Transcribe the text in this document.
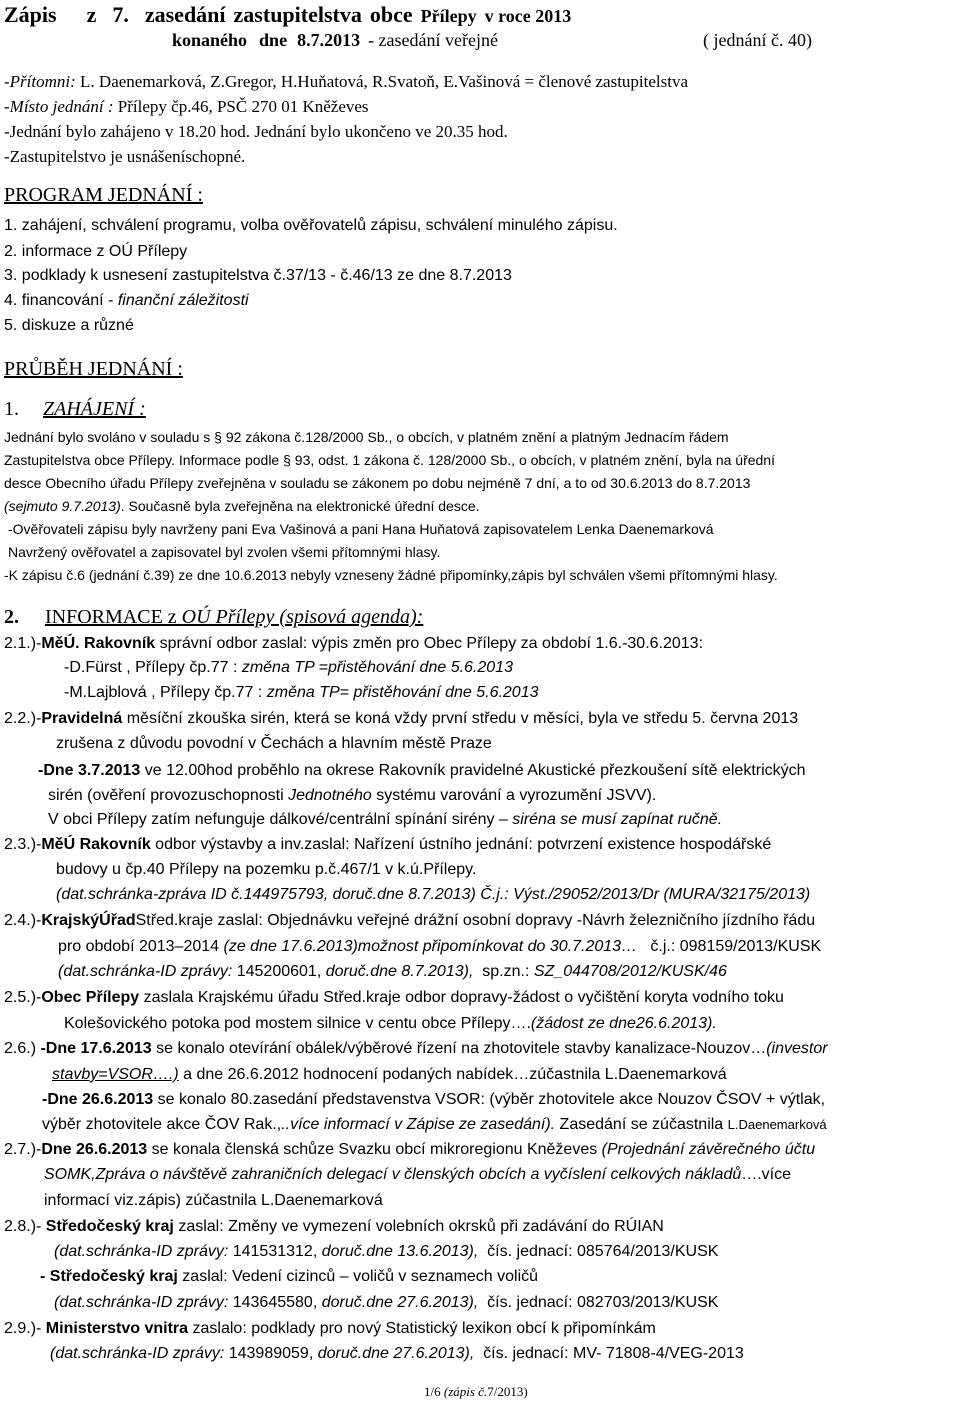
Zápis z 7. zasedání zastupitelstva obce Přílepy v roce 2013
konaného dne 8.7.2013 - zasedání veřejné	( jednání č. 40)
-Přítomni: L. Daenemarková, Z.Gregor, H.Huňatová, R.Svatoň, E.Vašinová = členové zastupitelstva
-Místo jednání : Přílepy čp.46, PSČ 270 01 Kněževes
-Jednání bylo zahájeno v 18.20 hod. Jednání bylo ukončeno ve 20.35 hod.
-Zastupitelstvo je usnášeníschopné.
PROGRAM JEDNÁNÍ :
1. zahájení, schválení programu, volba ověřovatelů zápisu, schválení minulého zápisu.
2. informace z OÚ Přílepy
3. podklady k usnesení zastupitelstva č.37/13 - č.46/13 ze dne 8.7.2013
4. financování - finanční záležitosti
5. diskuze a různé
PRŮBĚH JEDNÁNÍ :
1. ZAHÁJENÍ :
Jednání bylo svoláno v souladu s § 92 zákona č.128/2000 Sb., o obcích, v platném znění a platným Jednacím řádem
Zastupitelstva obce Přílepy. Informace podle § 93, odst. 1 zákona č. 128/2000 Sb., o obcích, v platném znění, byla na úřední
desce Obecního úřadu Přílepy zveřejněna v souladu se zákonem po dobu nejméně 7 dní, a to od 30.6.2013 do 8.7.2013
(sejmuto 9.7.2013). Současně byla zveřejněna na elektronické úřední desce.
-Ověřovateli zápisu byly navrženy pani Eva Vašinová a pani Hana Huňatová zapisovatelem Lenka Daenemarková
Navržený ověřovatel a zapisovatel byl zvolen všemi přítomnými hlasy.
-K zápisu č.6 (jednání č.39) ze dne 10.6.2013 nebyly vzneseny žádné připomínky,zápis byl schválen všemi přítomnými hlasy.
2. INFORMACE z OÚ Přílepy (spisová agenda):
2.1.)-MěÚ. Rakovník správní odbor zaslal: výpis změn pro Obec Přílepy za období 1.6.-30.6.2013:
-D.Fürst , Přílepy čp.77 : změna TP =přistěhování dne 5.6.2013
-M.Lajblová , Přílepy čp.77 : změna TP= přistěhování dne 5.6.2013
2.2.)-Pravidelná měsíční zkouška sirén, která se koná vždy první středu v měsíci, byla ve středu 5. června 2013
zrušena z důvodu povodní v Čechách a hlavním městě Praze
-Dne 3.7.2013 ve 12.00hod proběhlo na okrese Rakovník pravidelné Akustické přezkoušení sítě elektrických
sirén (ověření provozuschopnosti Jednotného systému varování a vyrozumění JSVV).
V obci Přílepy zatím nefunguje dálkové/centrální spínání sirény – siréna se musí zapínat ručně.
2.3.)-MěÚ Rakovník odbor výstavby a inv.zaslal: Nařízení ústního jednání: potvrzení existence hospodářské
budovy u čp.40 Přílepy na pozemku p.č.467/1 v k.ú.Přílepy.
(dat.schránka-zpráva ID č.144975793, doruč.dne 8.7.2013) Č.j.: Výst./29052/2013/Dr (MURA/32175/2013)
2.4.)-KrajskýÚřadStřed.kraje zaslal: Objednávku veřejné drážní osobní dopravy -Návrh železničního jízdního řádu
pro období 2013–2014 (ze dne 17.6.2013)možnost připomínkovat do 30.7.2013…   č.j.: 098159/2013/KUSK
(dat.schránka-ID zprávy: 145200601, doruč.dne 8.7.2013),  sp.zn.: SZ_044708/2012/KUSK/46
2.5.)-Obec Přílepy zaslala Krajskému úřadu Střed.kraje odbor dopravy-žádost o vyčištění koryta vodního toku
Kolešovického potoka pod mostem silnice v centu obce Přílepy….(žádost ze dne26.6.2013).
2.6.) -Dne 17.6.2013 se konalo otevírání obálek/výběrové řízení na zhotovitele stavby kanalizace-Nouzov…(investor
stavby=VSOR….) a dne 26.6.2012 hodnocení podaných nabídek…zúčastnila L.Daenemarková
-Dne 26.6.2013 se konalo 80.zasedání představenstva VSOR: (výběr zhotovitele akce Nouzov ČSOV + výtlak,
výběr zhotovitele akce ČOV Rak.,..více informací v Zápise ze zasedání). Zasedání se zúčastnila L.Daenemarková
2.7.)-Dne 26.6.2013 se konala členská schůze Svazku obcí mikroregionu Kněževes (Projednání závěrečného účtu
SOMK,Zpráva o návštěvě zahraničních delegací v členských obcích a vyčíslení celkových nákladů….více
informací viz.zápis) zúčastnila L.Daenemarková
2.8.)- Středočeský kraj zaslal: Změny ve vymezení volebních okrsků při zadávání do RÚIAN
(dat.schránka-ID zprávy: 141531312, doruč.dne 13.6.2013),  čís. jednací: 085764/2013/KUSK
- Středočeský kraj zaslal: Vedení cizinců – voličů v seznamech voličů
(dat.schránka-ID zprávy: 143645580, doruč.dne 27.6.2013),  čís. jednací: 082703/2013/KUSK
2.9.)- Ministerstvo vnitra zaslalo: podklady pro nový Statistický lexikon obcí k připomínkám
(dat.schránka-ID zprávy: 143989059, doruč.dne 27.6.2013),  čís. jednací: MV- 71808-4/VEG-2013
1/6 (zápis č.7/2013)
